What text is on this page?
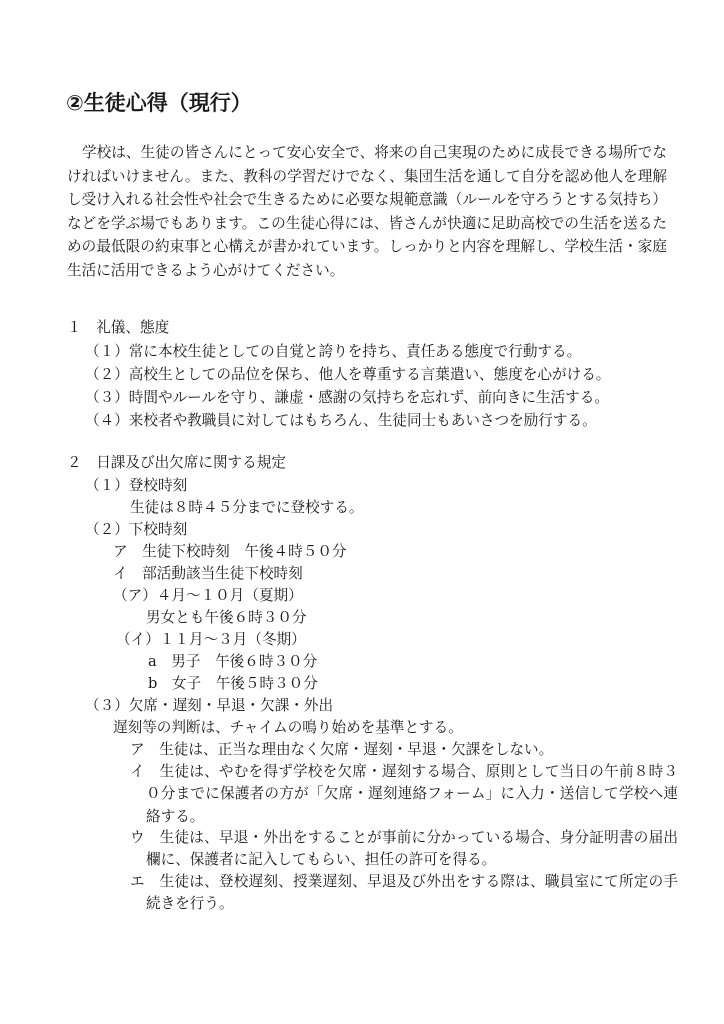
②生徒心得（現行）
学校は、生徒の皆さんにとって安心安全で、将来の自己実現のために成長できる場所でなければいけません。また、教科の学習だけでなく、集団生活を通して自分を認め他人を理解し受け入れる社会性や社会で生きるために必要な規範意識（ルールを守ろうとする気持ち）などを学ぶ場でもあります。この生徒心得には、皆さんが快適に足助高校での生活を送るための最低限の約束事と心構えが書かれています。しっかりと内容を理解し、学校生活・家庭生活に活用できるよう心がけてください。
１　礼儀、態度
（１）常に本校生徒としての自覚と誇りを持ち、責任ある態度で行動する。
（２）高校生としての品位を保ち、他人を尊重する言葉遣い、態度を心がける。
（３）時間やルールを守り、謙虚・感謝の気持ちを忘れず、前向きに生活する。
（４）来校者や教職員に対してはもちろん、生徒同士もあいさつを励行する。
２　日課及び出欠席に関する規定
（１）登校時刻
生徒は８時４５分までに登校する。
（２）下校時刻
ア　生徒下校時刻　午後４時５０分
イ　部活動該当生徒下校時刻
（ア）４月～１０月（夏期）
男女とも午後６時３０分
（イ）１１月～３月（冬期）
a　男子　午後６時３０分
b　女子　午後５時３０分
（３）欠席・遅刻・早退・欠課・外出
遅刻等の判断は、チャイムの鳴り始めを基準とする。
ア　生徒は、正当な理由なく欠席・遅刻・早退・欠課をしない。
イ　生徒は、やむを得ず学校を欠席・遅刻する場合、原則として当日の午前８時３０分までに保護者の方が「欠席・遅刻連絡フォーム」に入力・送信して学校へ連絡する。
ウ　生徒は、早退・外出をすることが事前に分かっている場合、身分証明書の届出欄に、保護者に記入してもらい、担任の許可を得る。
エ　生徒は、登校遅刻、授業遅刻、早退及び外出をする際は、職員室にて所定の手続きを行う。
